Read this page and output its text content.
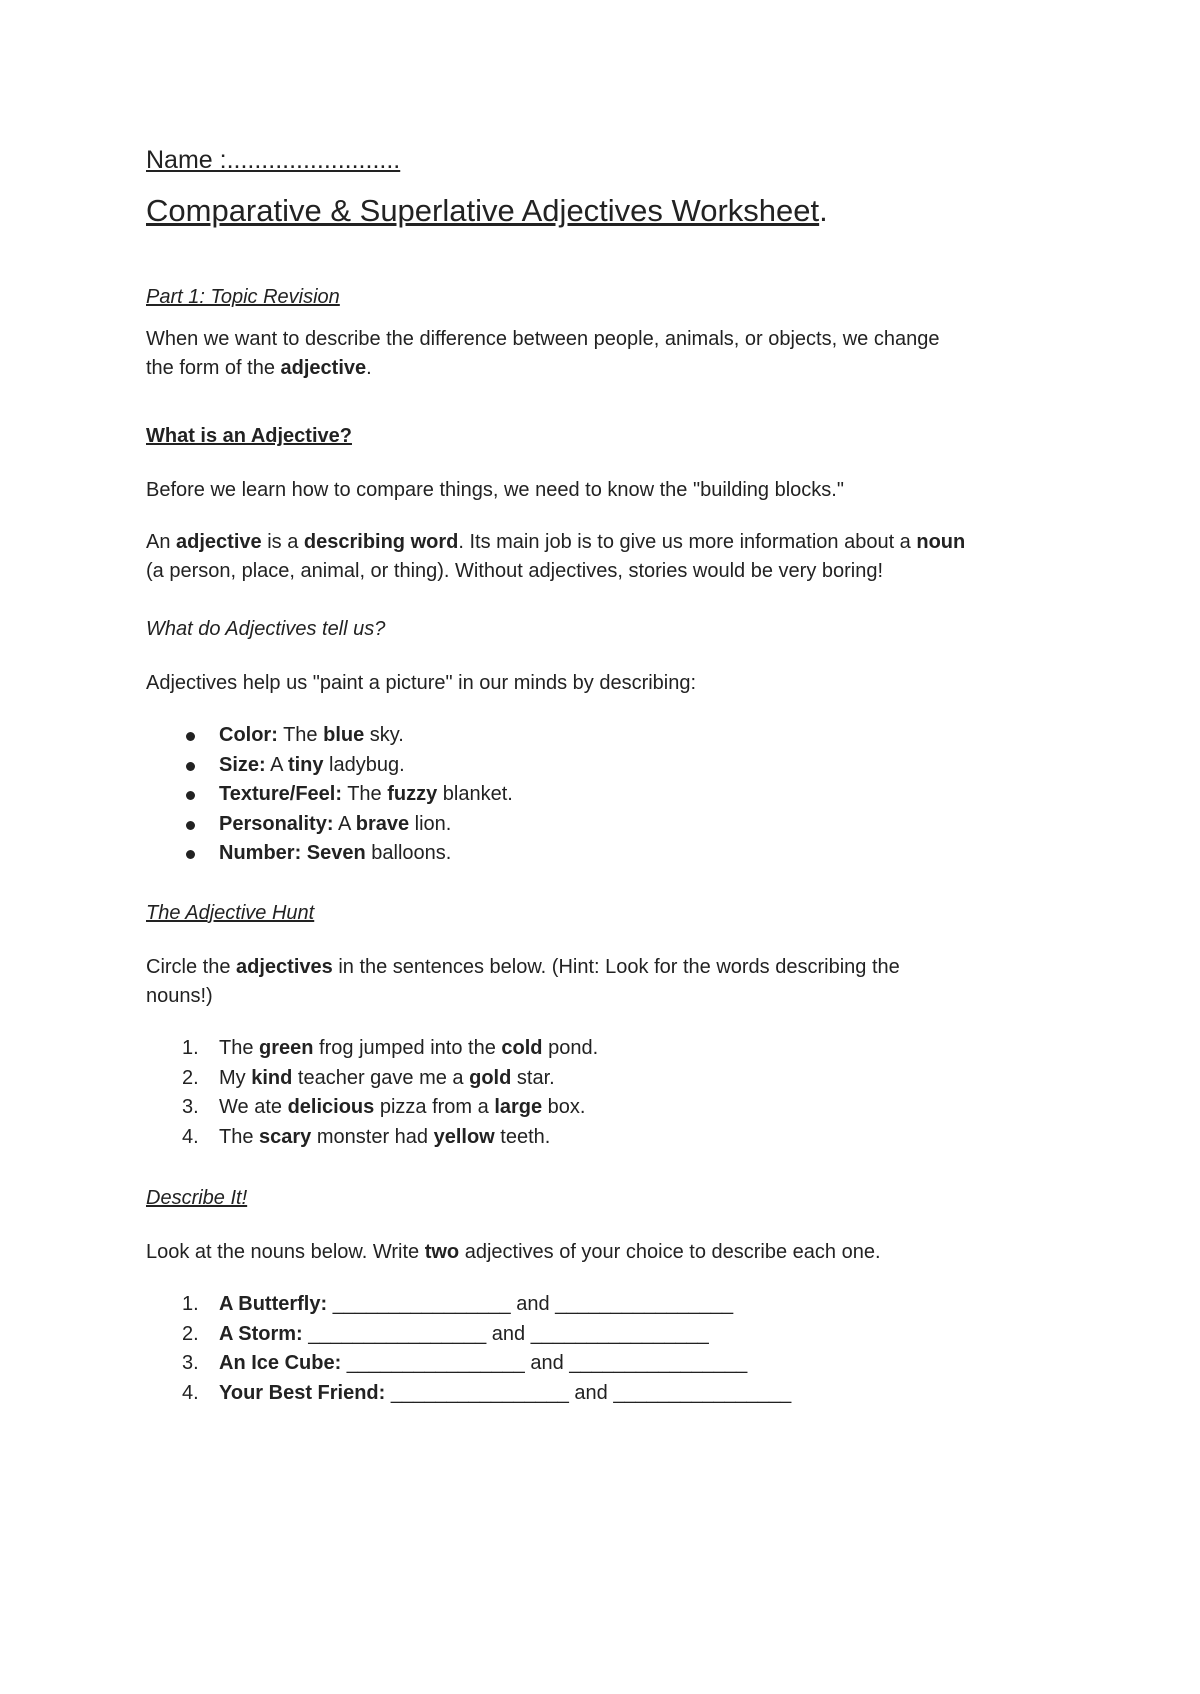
Name :.........................

Comparative & Superlative Adjectives Worksheet.

Part 1: Topic Revision

When we want to describe the difference between people, animals, or objects, we change

the form of the adjective.

What is an Adjective?

Before we learn how to compare things, we need to know the "building blocks."

An adjective is a describing word. Its main job is to give us more information about a noun

(a person, place, animal, or thing). Without adjectives, stories would be very boring!

What do Adjectives tell us?

Adjectives help us "paint a picture" in our minds by describing:

Color: The blue sky.
Size: A tiny ladybug.
Texture/Feel: The fuzzy blanket.
Personality: A brave lion.
Number: Seven balloons.

The Adjective Hunt

Circle the adjectives in the sentences below. (Hint: Look for the words describing the

nouns!)

1. The green frog jumped into the cold pond.
2. My kind teacher gave me a gold star.
3. We ate delicious pizza from a large box.
4. The scary monster had yellow teeth.

Describe It!

Look at the nouns below. Write two adjectives of your choice to describe each one.

1. A Butterfly: ________________ and ________________
2. A Storm: ________________ and ________________
3. An Ice Cube: ________________ and ________________
4. Your Best Friend: ________________ and ________________
